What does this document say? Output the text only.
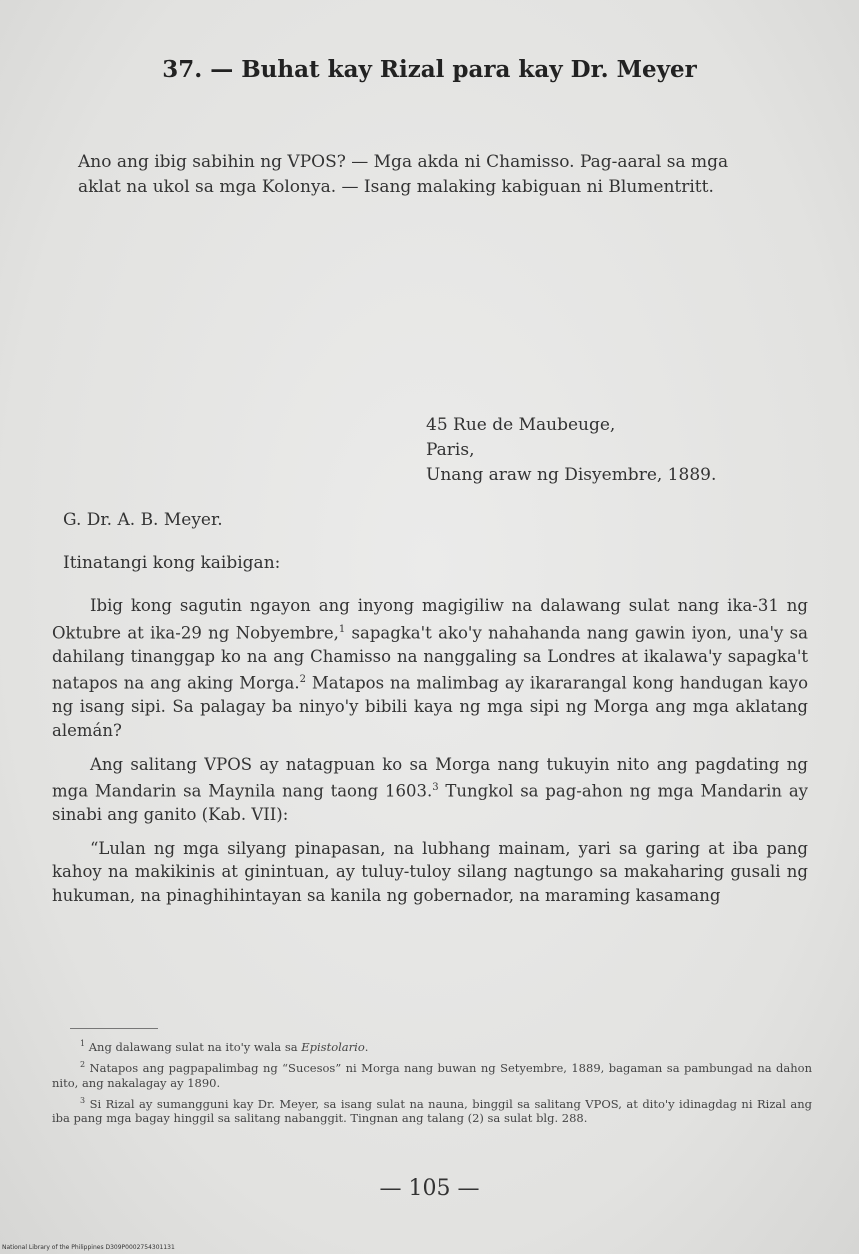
37. — Buhat kay Rizal para kay Dr. Meyer

Ano ang ibig sabihin ng VPOS? — Mga akda ni Chamisso. Pag-aaral sa mga aklat na ukol sa mga Kolonya. — Isang malaking kabiguan ni Blumentritt.

45 Rue de Maubeuge,
Paris,
Unang araw ng Disyembre, 1889.
G. Dr. A. B. Meyer.
Itinatangi kong kaibigan:

Ibig kong sagutin ngayon ang inyong magigiliw na dalawang sulat nang ika-31 ng Oktubre at ika-29 ng Nobyembre,$^1$ sapagka't ako'y nahahanda nang gawin iyon, una'y sa dahilang tinanggap ko na ang Chamisso na nanggaling sa Londres at ikalawa'y sapagka't natapos na ang aking Morga.$^2$ Matapos na malimbag ay ikararangal kong handugan kayo ng isang sipi. Sa palagay ba ninyo'y bibili kaya ng mga sipi ng Morga ang mga aklatang alemán?

Ang salitang VPOS ay natagpuan ko sa Morga nang tukuyin nito ang pagdating ng mga Mandarin sa Maynila nang taong 1603.$^3$ Tungkol sa pag-ahon ng mga Mandarin ay sinabi ang ganito (Kab. VII):

“Lulan ng mga silyang pinapasan, na lubhang mainam, yari sa garing at iba pang kahoy na makikinis at ginintuan, ay tuluy-tuloy silang nagtungo sa makaharing gusali ng hukuman, na pinaghihintayan sa kanila ng gobernador, na maraming kasamang

$^1$ Ang dalawang sulat na ito'y wala sa Epistolario.

$^2$ Natapos ang pagpapalimbag ng “Sucesos” ni Morga nang buwan ng Setyembre, 1889, bagaman sa pambungad na dahon nito, ang nakalagay ay 1890.

$^3$ Si Rizal ay sumangguni kay Dr. Meyer, sa isang sulat na nauna, binggil sa salitang VPOS, at dito'y idinagdag ni Rizal ang iba pang mga bagay hinggil sa salitang nabanggit. Tingnan ang talang (2) sa sulat blg. 288.

— 105 —
National Library of the Philippines D309P0002754301131
